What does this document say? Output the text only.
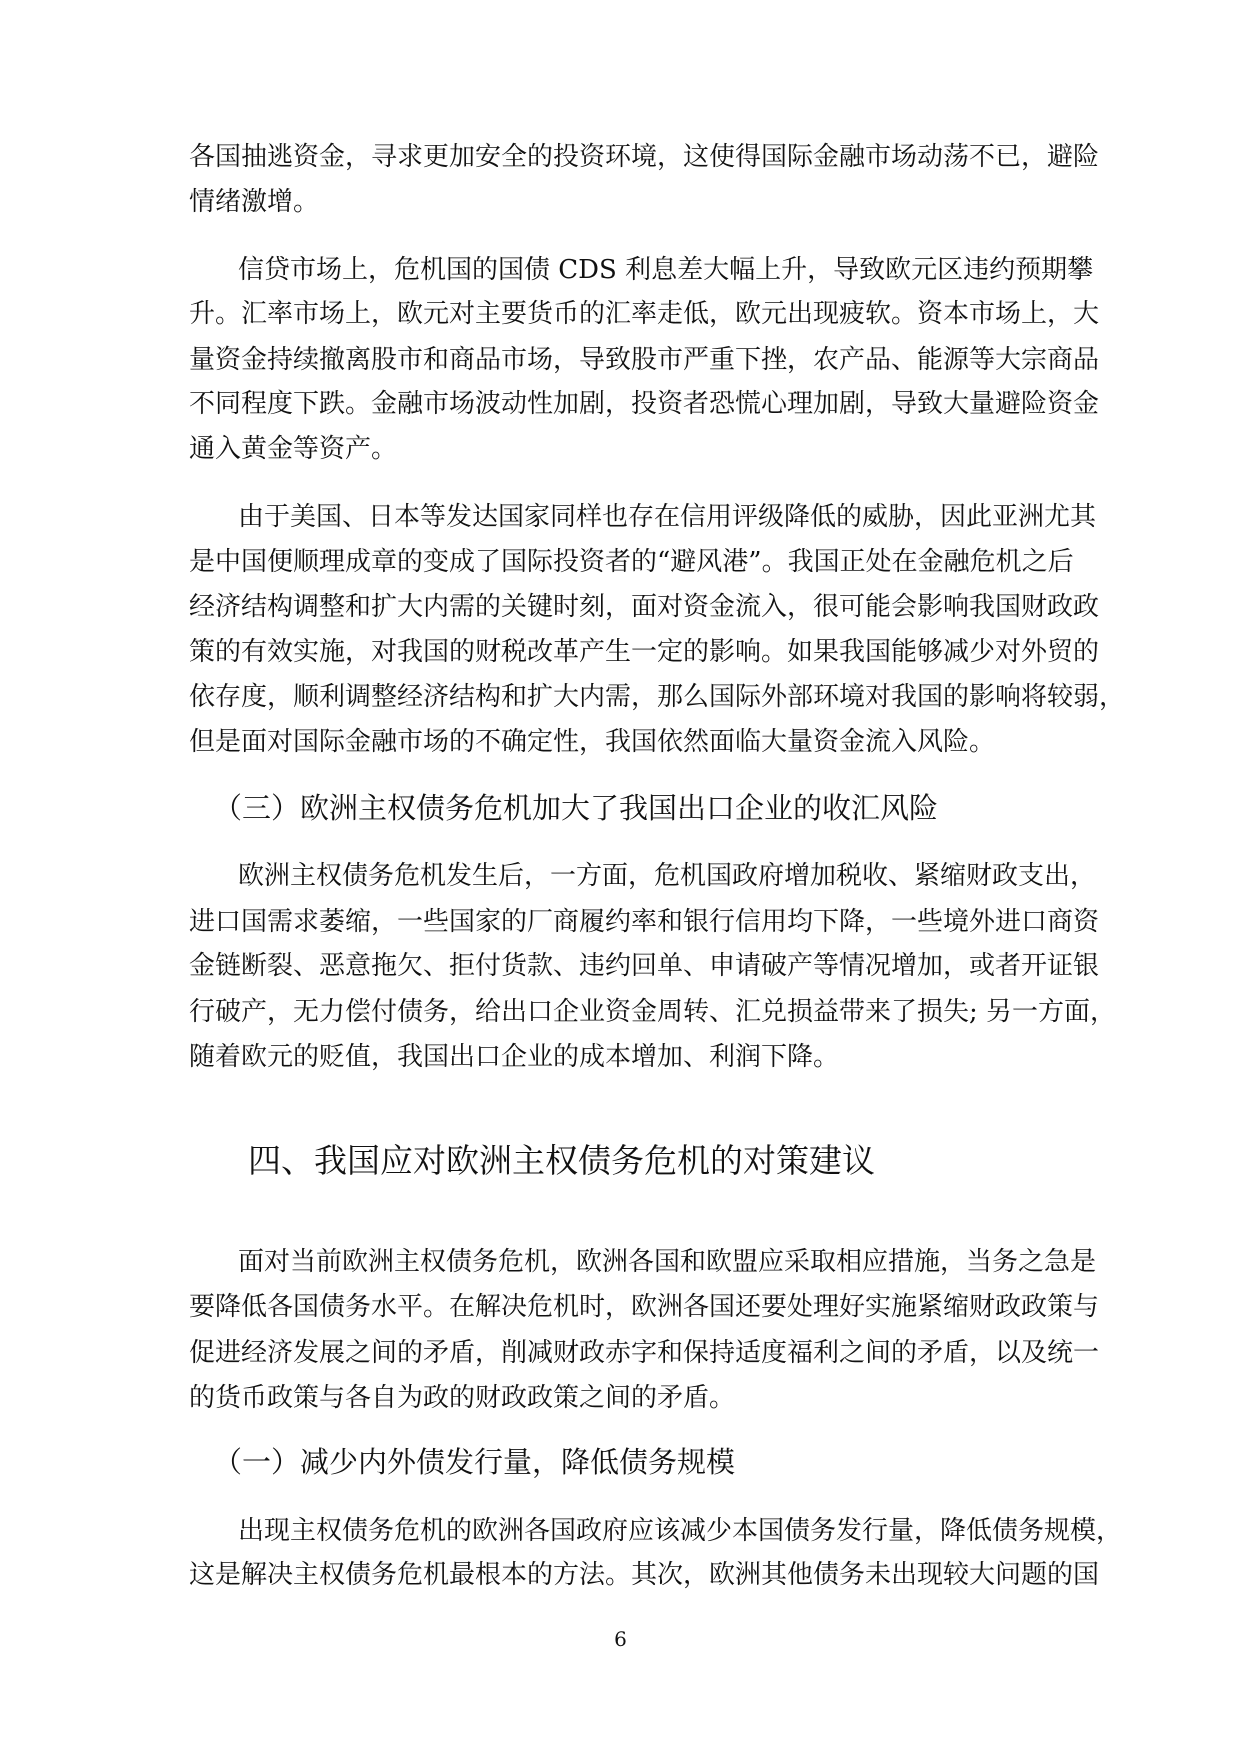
各国抽逃资金，寻求更加安全的投资环境，这使得国际金融市场动荡不已，避险
情绪激增。
信贷市场上，危机国的国债 CDS 利息差大幅上升，导致欧元区违约预期攀
升。汇率市场上，欧元对主要货币的汇率走低，欧元出现疲软。资本市场上，大
量资金持续撤离股市和商品市场，导致股市严重下挫，农产品、能源等大宗商品
不同程度下跌。金融市场波动性加剧，投资者恐慌心理加剧，导致大量避险资金
通入黄金等资产。
由于美国、日本等发达国家同样也存在信用评级降低的威胁，因此亚洲尤其
是中国便顺理成章的变成了国际投资者的“避风港”。我国正处在金融危机之后
经济结构调整和扩大内需的关键时刻，面对资金流入，很可能会影响我国财政政
策的有效实施，对我国的财税改革产生一定的影响。如果我国能够减少对外贸的
依存度，顺利调整经济结构和扩大内需，那么国际外部环境对我国的影响将较弱，
但是面对国际金融市场的不确定性，我国依然面临大量资金流入风险。
（三）欧洲主权债务危机加大了我国出口企业的收汇风险
欧洲主权债务危机发生后，一方面，危机国政府增加税收、紧缩财政支出，
进口国需求萎缩，一些国家的厂商履约率和银行信用均下降，一些境外进口商资
金链断裂、恶意拖欠、拒付货款、违约回单、申请破产等情况增加，或者开证银
行破产，无力偿付债务，给出口企业资金周转、汇兑损益带来了损失; 另一方面，
随着欧元的贬值，我国出口企业的成本增加、利润下降。
四、我国应对欧洲主权债务危机的对策建议
面对当前欧洲主权债务危机，欧洲各国和欧盟应采取相应措施，当务之急是
要降低各国债务水平。在解决危机时，欧洲各国还要处理好实施紧缩财政政策与
促进经济发展之间的矛盾，削减财政赤字和保持适度福利之间的矛盾，以及统一
的货币政策与各自为政的财政政策之间的矛盾。
（一）减少内外债发行量，降低债务规模
出现主权债务危机的欧洲各国政府应该减少本国债务发行量，降低债务规模，
这是解决主权债务危机最根本的方法。其次，欧洲其他债务未出现较大问题的国
6
